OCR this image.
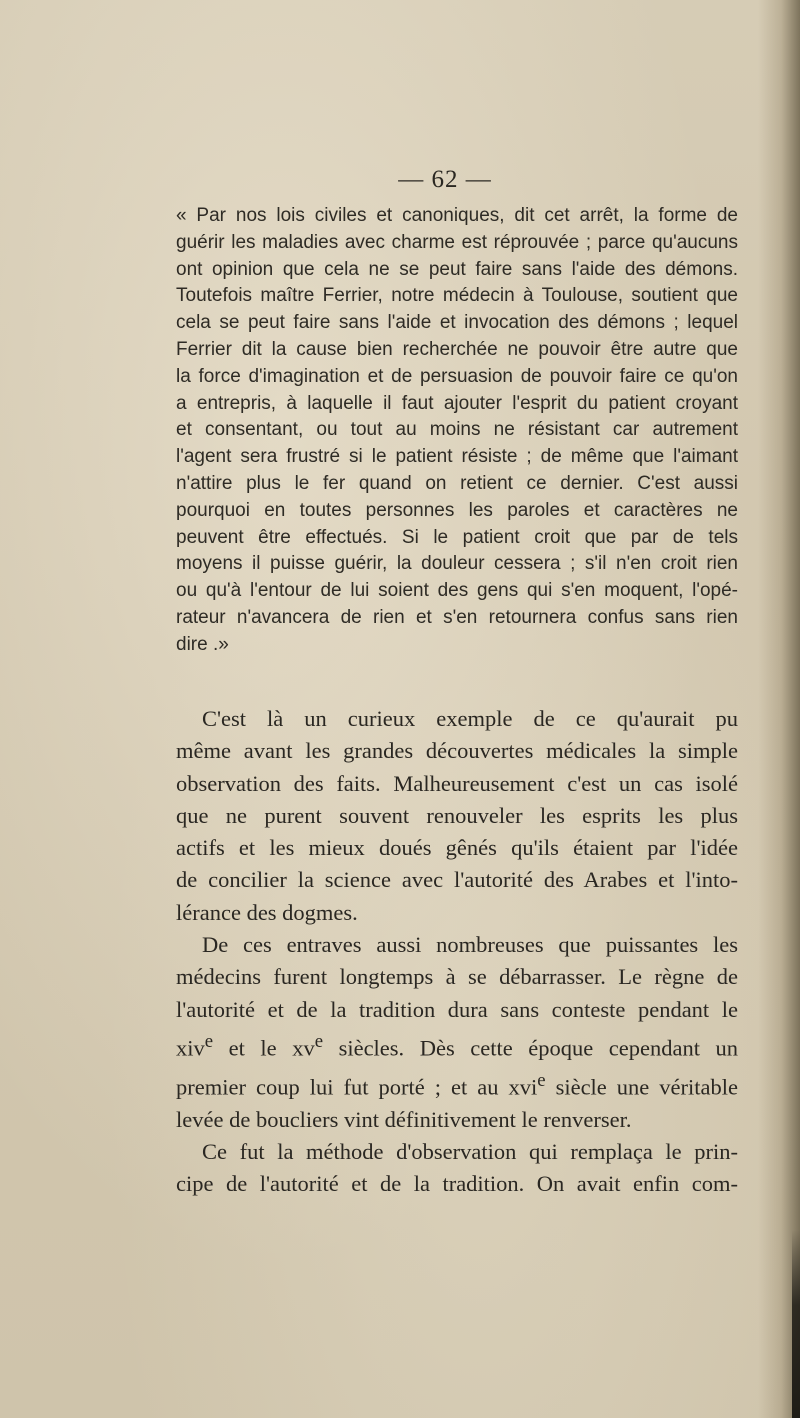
— 62 —
« Par nos lois civiles et canoniques, dit cet arrêt, la forme de
guérir les maladies avec charme est réprouvée ; parce qu'aucuns
ont opinion que cela ne se peut faire sans l'aide des démons.
Toutefois maître Ferrier, notre médecin à Toulouse, soutient que
cela se peut faire sans l'aide et invocation des démons ; lequel
Ferrier dit la cause bien recherchée ne pouvoir être autre que
la force d'imagination et de persuasion de pouvoir faire ce qu'on
a entrepris, à laquelle il faut ajouter l'esprit du patient croyant
et consentant, ou tout au moins ne résistant car autrement
l'agent sera frustré si le patient résiste ; de même que l'aimant
n'attire plus le fer quand on retient ce dernier. C'est aussi
pourquoi en toutes personnes les paroles et caractères ne
peuvent être effectués. Si le patient croit que par de tels
moyens il puisse guérir, la douleur cessera ; s'il n'en croit rien
ou qu'à l'entour de lui soient des gens qui s'en moquent, l'opé-
rateur n'avancera de rien et s'en retournera confus sans rien
dire .»
C'est là un curieux exemple de ce qu'aurait pu
même avant les grandes découvertes médicales la simple
observation des faits. Malheureusement c'est un cas isolé
que ne purent souvent renouveler les esprits les plus
actifs et les mieux doués gênés qu'ils étaient par l'idée
de concilier la science avec l'autorité des Arabes et l'into-
lérance des dogmes.
De ces entraves aussi nombreuses que puissantes les
médecins furent longtemps à se débarrasser. Le règne de
l'autorité et de la tradition dura sans conteste pendant le
xiv$^e$ et le $xv^e$ siècles. Dès cette époque cependant un
premier coup lui fut porté ; et au xvi$^e$ siècle une véritable
levée de boucliers vint définitivement le renverser.
Ce fut la méthode d'observation qui remplaça le prin-
cipe de l'autorité et de la tradition. On avait enfin com-
